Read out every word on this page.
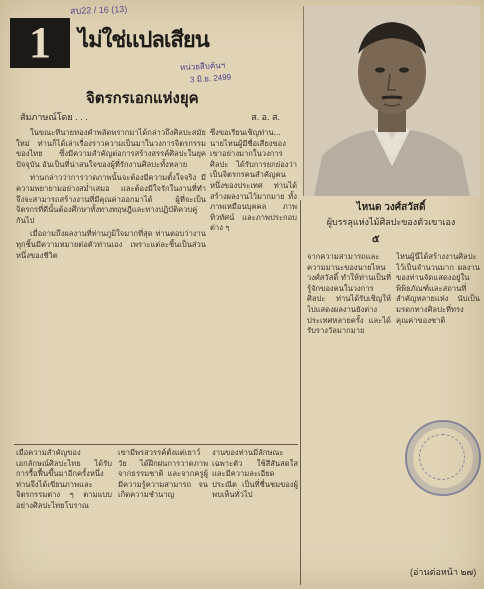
สบ22 / 16 (13)
1	ไม่ใช่แปลเสียน
หน่วยสืบค้นฯ
3 มิ.ย. 2499
จิตรกรเอกแห่งยุค
สัมภาษณ์โดย . . .	ส. อ. ส.

ในขณะที่นายทองคำพลัดพรากมาได้กล่าวถึงศิลปะสมัยใหม่ ท่านก็ได้เล่าเรื่องราวความเป็นมาในวงการจิตรกรรมของไทย ซึ่งมีความสำคัญต่อการสร้างสรรค์ศิลปะในยุคปัจจุบัน อันเป็นที่น่าสนใจของผู้ที่รักงานศิลปะทั้งหลาย

ท่านกล่าวว่าการวาดภาพนั้นจะต้องมีความตั้งใจจริง มีความพยายามอย่างสม่ำเสมอ และต้องมีใจรักในงานที่ทำ จึงจะสามารถสร้างงานที่มีคุณค่าออกมาได้ ผู้ที่จะเป็นจิตรกรที่ดีนั้นต้องศึกษาทั้งทางทฤษฎีและทางปฏิบัติควบคู่กันไป

เมื่อถามถึงผลงานที่ท่านภูมิใจมากที่สุด ท่านตอบว่างานทุกชิ้นมีความหมายต่อตัวท่านเอง เพราะแต่ละชิ้นเป็นส่วนหนึ่งของชีวิต

ซึ่งขอเรียนเชิญท่าน... นายไหนผู้มีชื่อเสียงของเขาอย่างมากในวงการศิลปะ ได้รับการยกย่องว่าเป็นจิตรกรคนสำคัญคนหนึ่งของประเทศ ท่านได้สร้างผลงานไว้มากมาย ทั้งภาพเหมือนบุคคล ภาพทิวทัศน์ และภาพประกอบต่าง ๆ
เมื่อความสำคัญของเอกลักษณ์ศิลปะไทย ได้รับการรื้อฟื้นขึ้นมาอีกครั้งหนึ่ง ท่านจึงได้เขียนภาพและจิตรกรรมต่าง ๆ ตามแบบอย่างศิลปะไทยโบราณ
เขามีพรสวรรค์ตั้งแต่เยาว์วัย ได้ฝึกฝนการวาดภาพจากธรรมชาติ และจากครูผู้มีความรู้ความสามารถ จนเกิดความชำนาญ
งานของท่านมีลักษณะเฉพาะตัว ใช้สีสันสดใส และมีความละเอียดประณีต เป็นที่ชื่นชมของผู้พบเห็นทั่วไป
ไหนด วงศ์สวัสดิ์
ผู้บรรลุแห่งไม้ศิลปะของตัวเขาเอง
๕
จากความสามารถและความมานะของนายไหน วงศ์สวัสดิ์ ทำให้ท่านเป็นที่รู้จักของคนในวงการศิลปะ ท่านได้รับเชิญให้ไปแสดงผลงานยังต่างประเทศหลายครั้ง และได้รับรางวัลมากมาย
ไหนผู้นี้ได้สร้างงานศิลปะไว้เป็นจำนวนมาก ผลงานของท่านจัดแสดงอยู่ในพิพิธภัณฑ์และสถานที่สำคัญหลายแห่ง นับเป็นมรดกทางศิลปะที่ทรงคุณค่าของชาติ
(อ่านต่อหน้า ๒๗)
